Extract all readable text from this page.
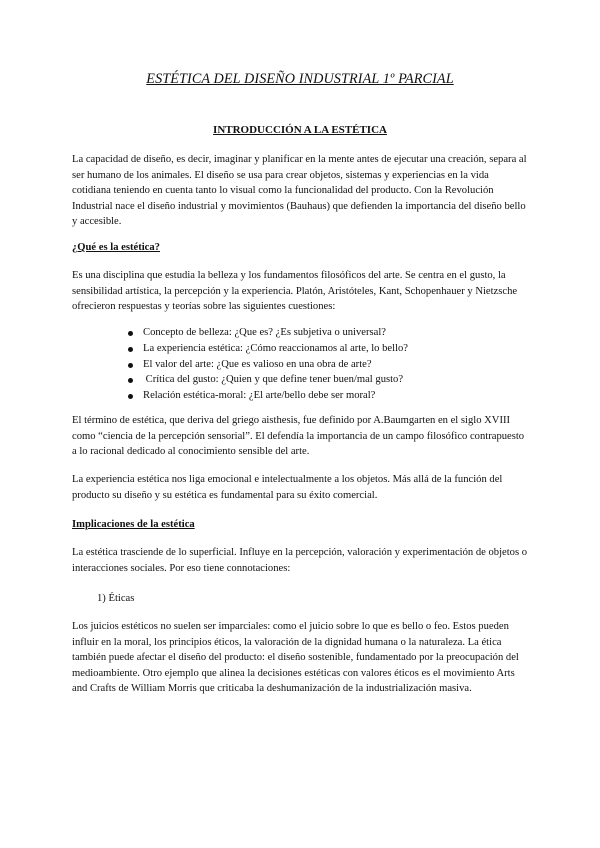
ESTÉTICA DEL DISEÑO INDUSTRIAL 1º PARCIAL
INTRODUCCIÓN A LA ESTÉTICA

La capacidad de diseño, es decir, imaginar y planificar en la mente antes de ejecutar una creación, separa al ser humano de los animales. El diseño se usa para crear objetos, sistemas y experiencias en la vida cotidiana teniendo en cuenta tanto lo visual como la funcionalidad del producto. Con la Revolución Industrial nace el diseño industrial y movimientos (Bauhaus) que defienden la importancia del diseño bello y accesible.

¿Qué es la estética?

Es una disciplina que estudia la belleza y los fundamentos filosóficos del arte. Se centra en el gusto, la sensibilidad artística, la percepción y la experiencia. Platón, Aristóteles, Kant, Schopenhauer y Nietzsche ofrecieron respuestas y teorías sobre las siguientes cuestiones:

Concepto de belleza: ¿Que es? ¿Es subjetiva o universal?
La experiencia estética: ¿Cómo reaccionamos al arte, lo bello?
El valor del arte: ¿Que es valioso en una obra de arte?
Crítica del gusto: ¿Quien y que define tener buen/mal gusto?
Relación estética-moral: ¿El arte/bello debe ser moral?

El término de estética, que deriva del griego aisthesis, fue definido por A.Baumgarten en el siglo XVIII como “ciencia de la percepción sensorial”. El defendía la importancia de un campo filosófico contrapuesto a lo racional dedicado al conocimiento sensible del arte.

La experiencia estética nos liga emocional e intelectualmente a los objetos. Más allá de la función del producto su diseño y su estética es fundamental para su éxito comercial.

Implicaciones de la estética

La estética trasciende de lo superficial. Influye en la percepción, valoración y experimentación de objetos o interacciones sociales. Por eso tiene connotaciones:

1) Éticas

Los juicios estéticos no suelen ser imparciales: como el juicio sobre lo que es bello o feo. Estos pueden influir en la moral, los principios éticos, la valoración de la dignidad humana o la naturaleza. La ética también puede afectar el diseño del producto: el diseño sostenible, fundamentado por la preocupación del medioambiente. Otro ejemplo que alinea la decisiones estéticas con valores éticos es el movimiento Arts and Crafts de William Morris que criticaba la deshumanización de la industrialización masiva.
